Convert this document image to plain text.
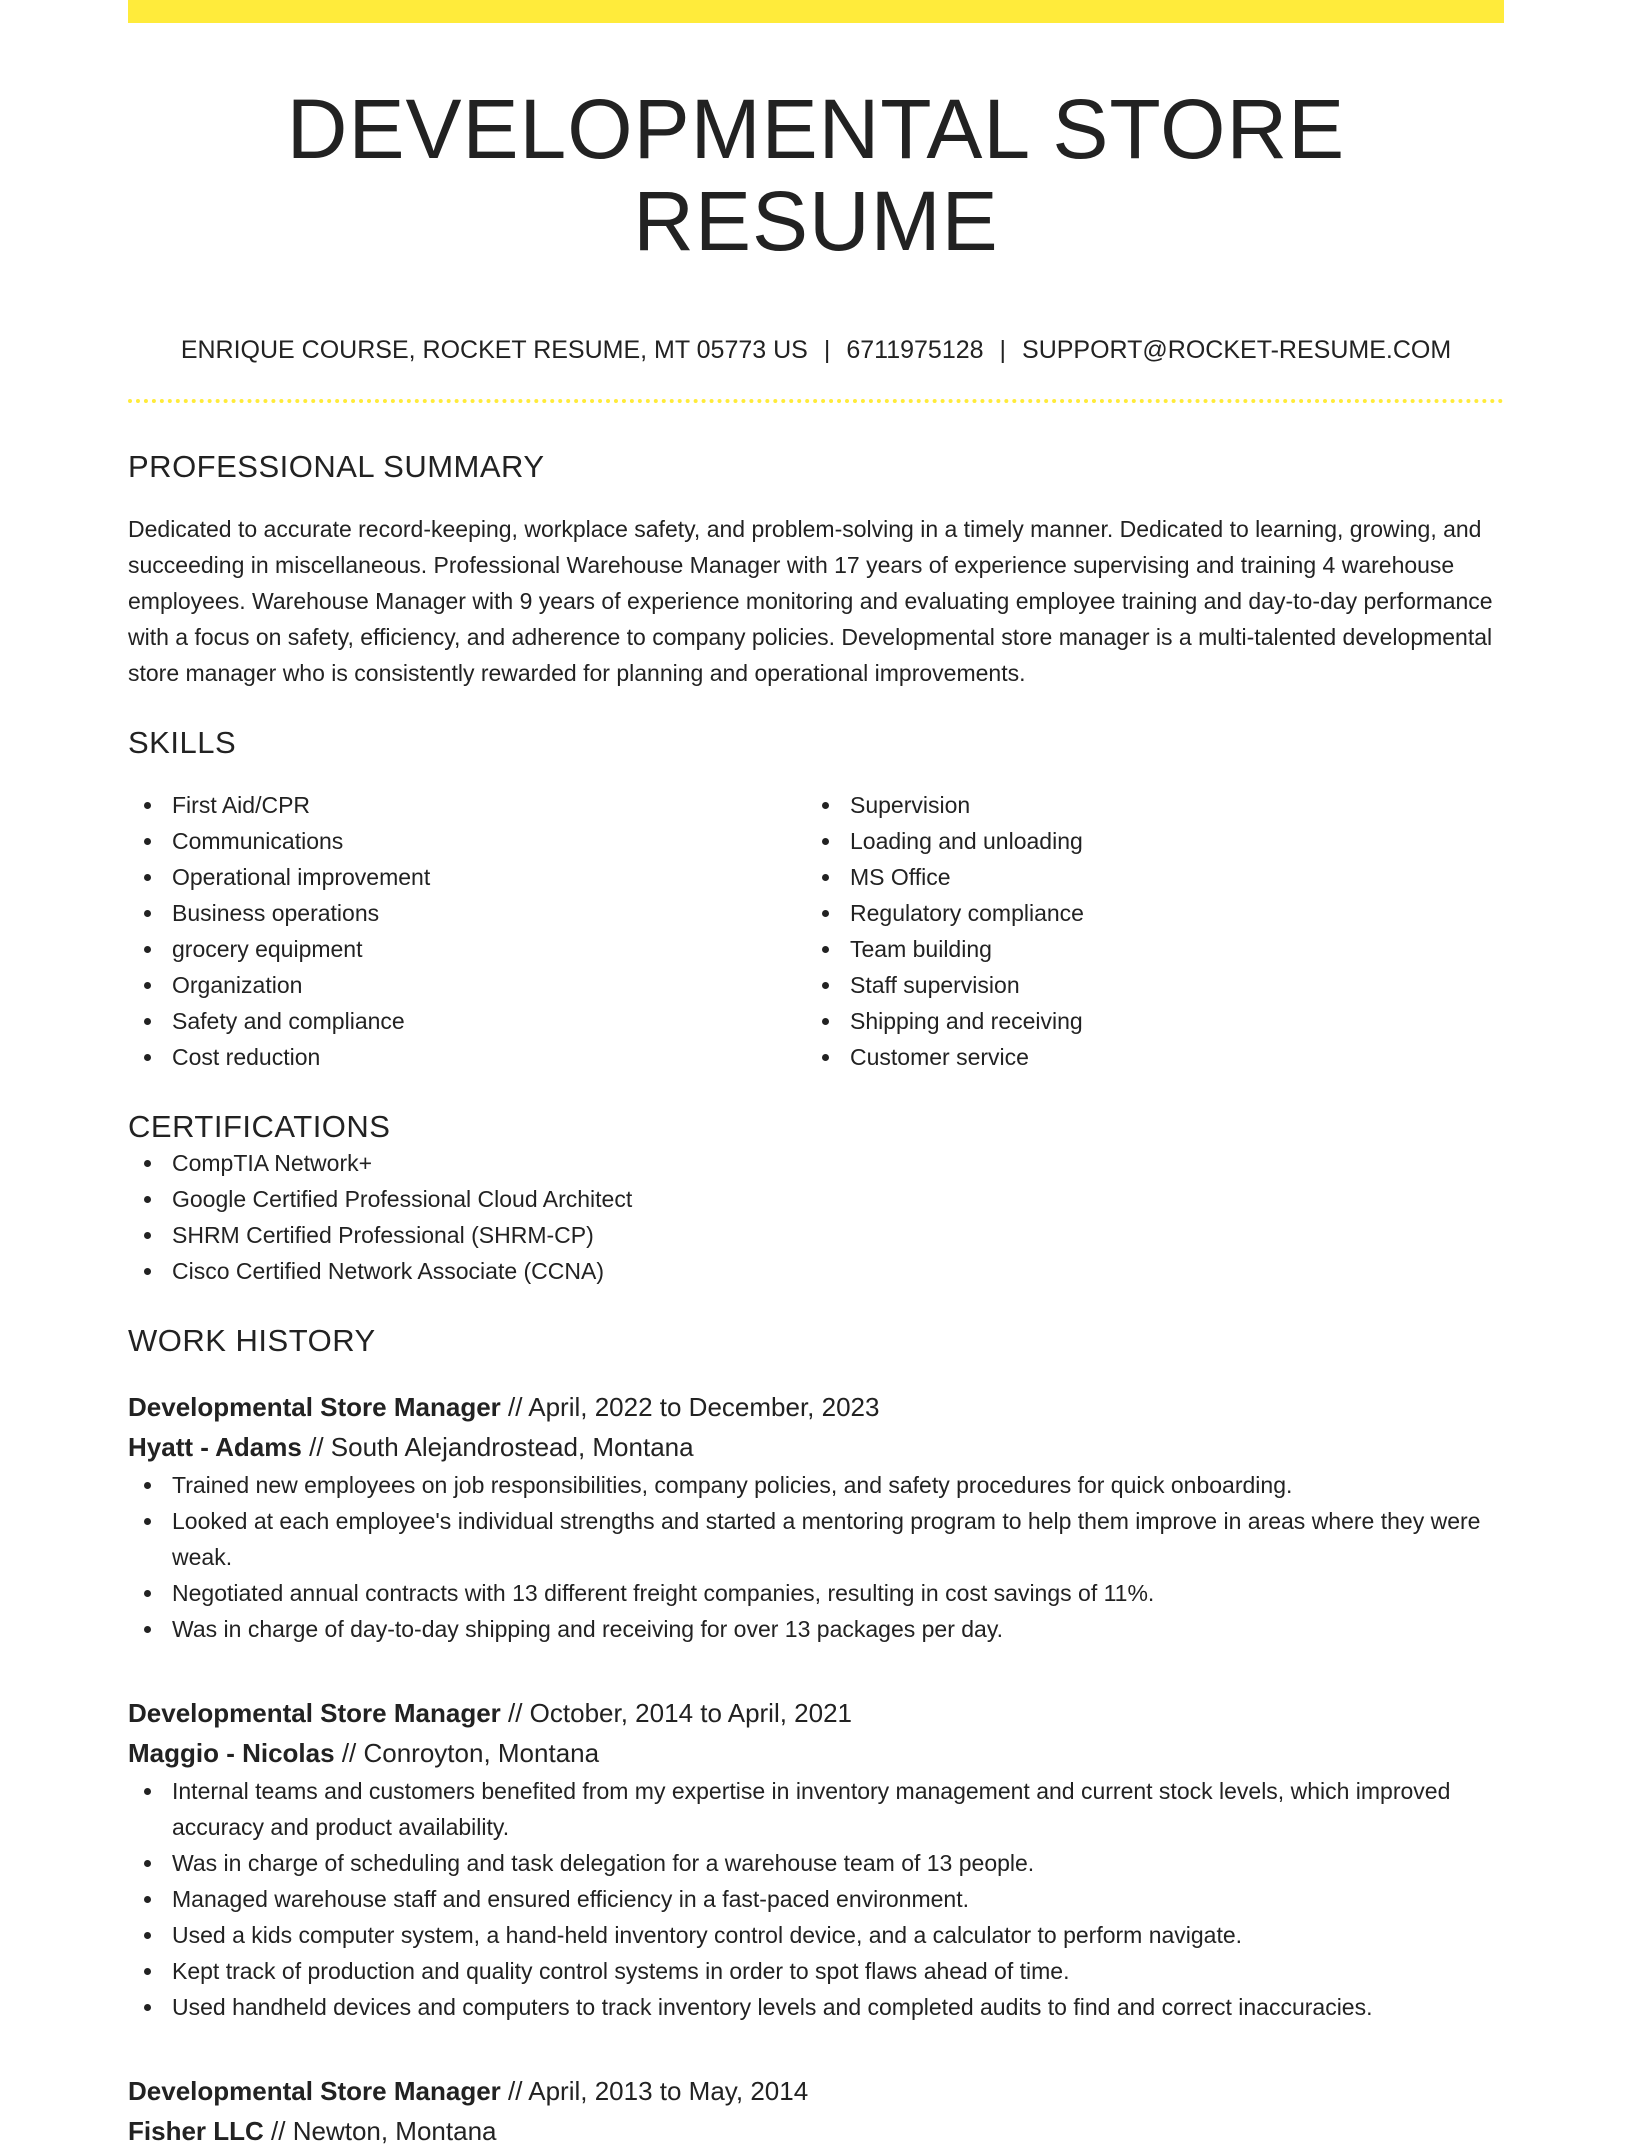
DEVELOPMENTAL STORE RESUME
ENRIQUE COURSE, ROCKET RESUME, MT 05773 US | 6711975128 | SUPPORT@ROCKET-RESUME.COM
PROFESSIONAL SUMMARY
Dedicated to accurate record-keeping, workplace safety, and problem-solving in a timely manner. Dedicated to learning, growing, and succeeding in miscellaneous. Professional Warehouse Manager with 17 years of experience supervising and training 4 warehouse employees. Warehouse Manager with 9 years of experience monitoring and evaluating employee training and day-to-day performance with a focus on safety, efficiency, and adherence to company policies. Developmental store manager is a multi-talented developmental store manager who is consistently rewarded for planning and operational improvements.
SKILLS
First Aid/CPR
Communications
Operational improvement
Business operations
grocery equipment
Organization
Safety and compliance
Cost reduction
Supervision
Loading and unloading
MS Office
Regulatory compliance
Team building
Staff supervision
Shipping and receiving
Customer service
CERTIFICATIONS
CompTIA Network+
Google Certified Professional Cloud Architect
SHRM Certified Professional (SHRM-CP)
Cisco Certified Network Associate (CCNA)
WORK HISTORY
Developmental Store Manager // April, 2022 to December, 2023
Hyatt - Adams // South Alejandrostead, Montana
Trained new employees on job responsibilities, company policies, and safety procedures for quick onboarding.
Looked at each employee's individual strengths and started a mentoring program to help them improve in areas where they were weak.
Negotiated annual contracts with 13 different freight companies, resulting in cost savings of 11%.
Was in charge of day-to-day shipping and receiving for over 13 packages per day.
Developmental Store Manager // October, 2014 to April, 2021
Maggio - Nicolas // Conroyton, Montana
Internal teams and customers benefited from my expertise in inventory management and current stock levels, which improved accuracy and product availability.
Was in charge of scheduling and task delegation for a warehouse team of 13 people.
Managed warehouse staff and ensured efficiency in a fast-paced environment.
Used a kids computer system, a hand-held inventory control device, and a calculator to perform navigate.
Kept track of production and quality control systems in order to spot flaws ahead of time.
Used handheld devices and computers to track inventory levels and completed audits to find and correct inaccuracies.
Developmental Store Manager // April, 2013 to May, 2014
Fisher LLC // Newton, Montana
